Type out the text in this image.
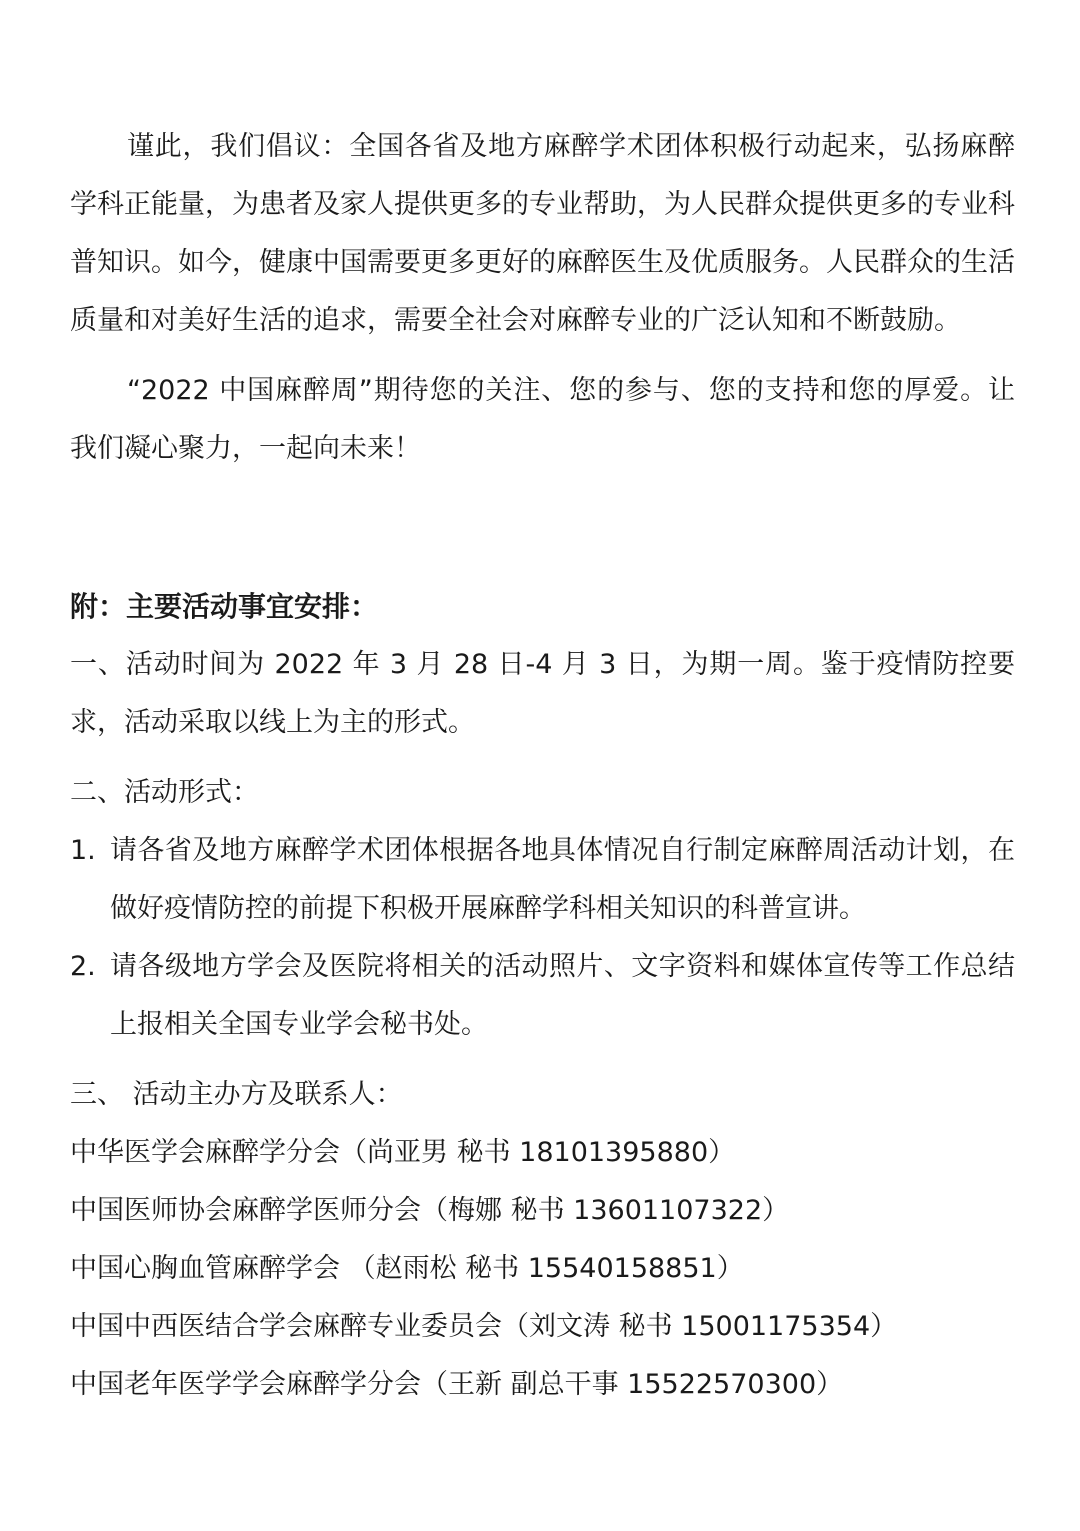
谨此，我们倡议：全国各省及地方麻醉学术团体积极行动起来，弘扬麻醉学科正能量，为患者及家人提供更多的专业帮助，为人民群众提供更多的专业科普知识。如今，健康中国需要更多更好的麻醉医生及优质服务。人民群众的生活质量和对美好生活的追求，需要全社会对麻醉专业的广泛认知和不断鼓励。

“2022 中国麻醉周”期待您的关注、您的参与、您的支持和您的厚爱。让我们凝心聚力，一起向未来！

附：主要活动事宜安排：

一、活动时间为 2022 年 3 月 28 日-4 月 3 日，为期一周。鉴于疫情防控要求，活动采取以线上为主的形式。

二、活动形式：

1. 请各省及地方麻醉学术团体根据各地具体情况自行制定麻醉周活动计划，在做好疫情防控的前提下积极开展麻醉学科相关知识的科普宣讲。
2. 请各级地方学会及医院将相关的活动照片、文字资料和媒体宣传等工作总结上报相关全国专业学会秘书处。

三、 活动主办方及联系人：

中华医学会麻醉学分会（尚亚男 秘书 18101395880）

中国医师协会麻醉学医师分会（梅娜 秘书 13601107322）

中国心胸血管麻醉学会 （赵雨松 秘书 15540158851）

中国中西医结合学会麻醉专业委员会（刘文涛 秘书 15001175354）

中国老年医学学会麻醉学分会（王新 副总干事 15522570300）
